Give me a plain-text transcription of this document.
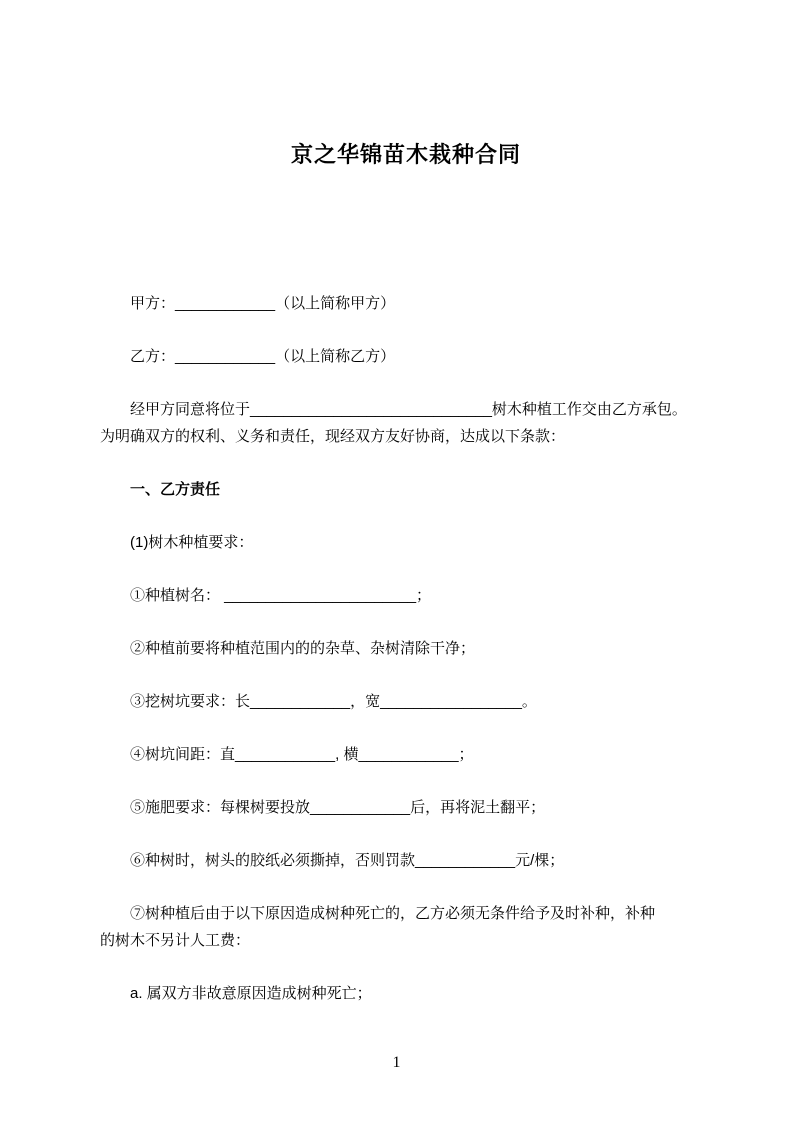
京之华锦苗木栽种合同

甲方：____________（以上简称甲方）

乙方：____________（以上简称乙方）

经甲方同意将位于_____________________________树木种植工作交由乙方承包。
为明确双方的权利、义务和责任，现经双方友好协商，达成以下条款：

一、乙方责任

(1)树木种植要求：

①种植树名： _______________________；

②种植前要将种植范围内的的杂草、杂树清除干净；

③挖树坑要求：长____________，宽_________________。

④树坑间距：直____________, 横____________；

⑤施肥要求：每棵树要投放____________后，再将泥土翻平；

⑥种树时，树头的胶纸必须撕掉，否则罚款____________元/棵；

⑦树种植后由于以下原因造成树种死亡的，乙方必须无条件给予及时补种，补种
的树木不另计人工费：

a. 属双方非故意原因造成树种死亡；

1
